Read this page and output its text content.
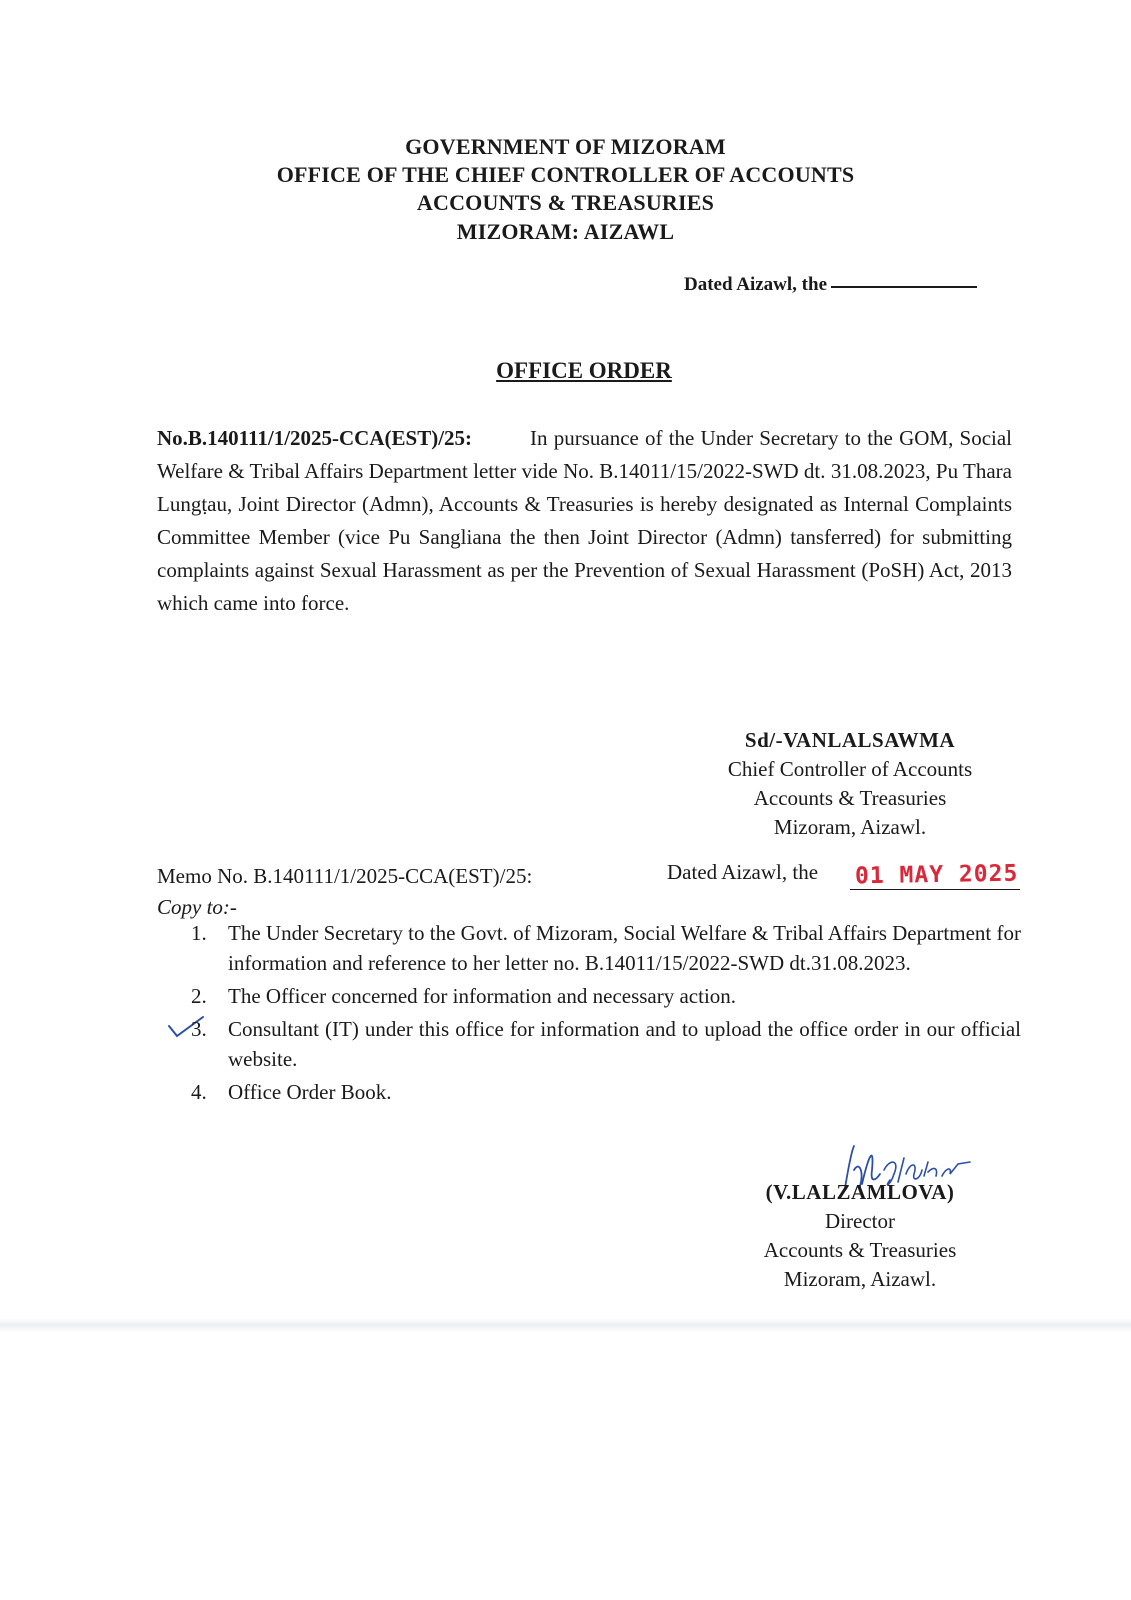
GOVERNMENT OF MIZORAM
OFFICE OF THE CHIEF CONTROLLER OF ACCOUNTS
ACCOUNTS & TREASURIES
MIZORAM: AIZAWL
Dated Aizawl, the
OFFICE ORDER
No.B.140111/1/2025-CCA(EST)/25:	In pursuance of the Under Secretary to the GOM, Social Welfare & Tribal Affairs Department letter vide No. B.14011/15/2022-SWD dt. 31.08.2023, Pu Thara Lungṭau, Joint Director (Admn), Accounts & Treasuries is hereby designated as Internal Complaints Committee Member (vice Pu Sangliana the then Joint Director (Admn) tansferred) for submitting complaints against Sexual Harassment as per the Prevention of Sexual Harassment (PoSH) Act, 2013 which came into force.
Sd/-VANLALSAWMA
Chief Controller of Accounts
Accounts & Treasuries
Mizoram, Aizawl.
Memo No. B.140111/1/2025-CCA(EST)/25:	Dated Aizawl, the 01 MAY 2025
Copy to:-
1. The Under Secretary to the Govt. of Mizoram, Social Welfare & Tribal Affairs Department for information and reference to her letter no. B.14011/15/2022-SWD dt.31.08.2023.
2. The Officer concerned for information and necessary action.
3. Consultant (IT) under this office for information and to upload the office order in our official website.
4. Office Order Book.
(V.LALZAMLOVA)
Director
Accounts & Treasuries
Mizoram, Aizawl.
